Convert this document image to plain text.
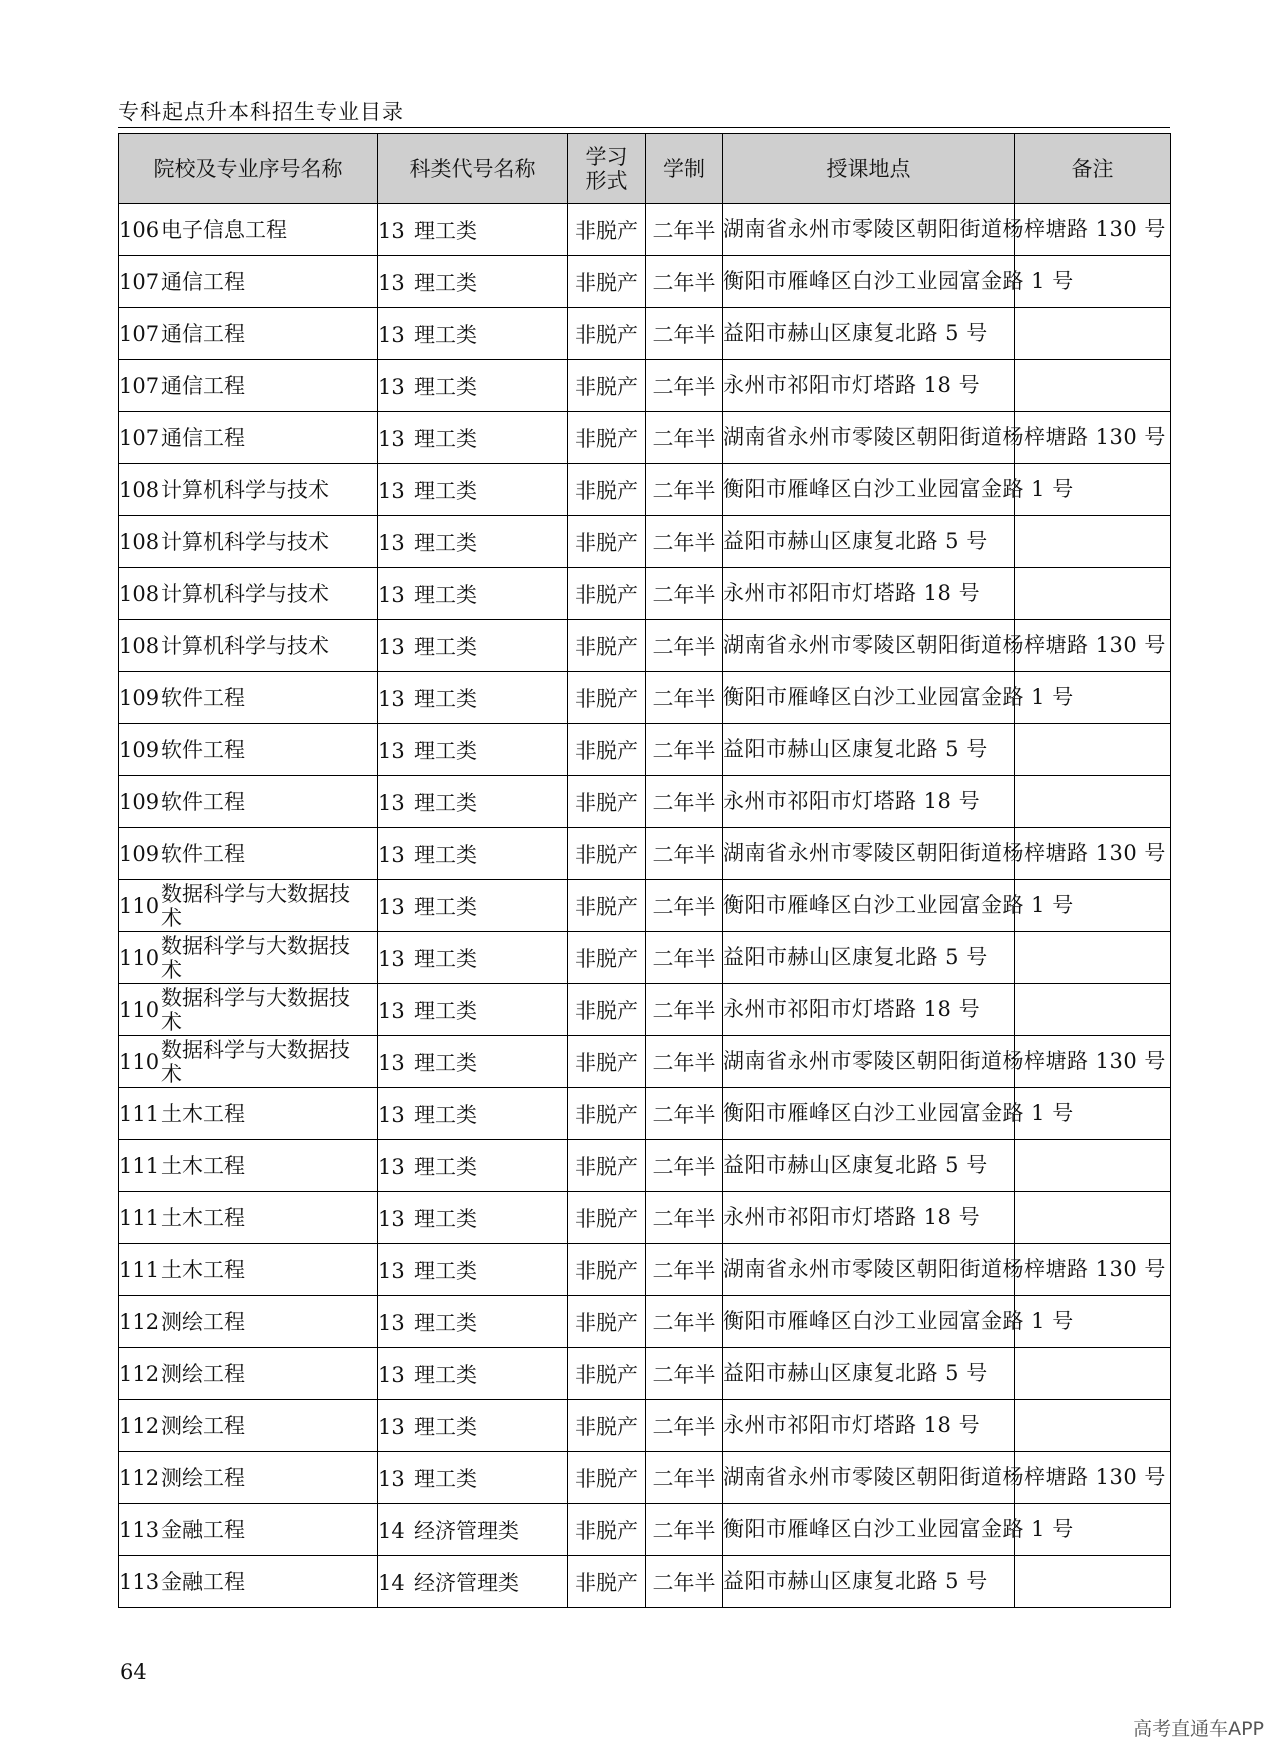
专科起点升本科招生专业目录
院校及专业序号名称	科类代号名称	学习
形式	学制	授课地点	备注

106 电子信息工程	13 理工类	非脱产	二年半	湖南省永州市零陵区朝阳街道杨梓塘路 130 号	

107 通信工程	13 理工类	非脱产	二年半	衡阳市雁峰区白沙工业园富金路 1 号	

107 通信工程	13 理工类	非脱产	二年半	益阳市赫山区康复北路 5 号	

107 通信工程	13 理工类	非脱产	二年半	永州市祁阳市灯塔路 18 号	

107 通信工程	13 理工类	非脱产	二年半	湖南省永州市零陵区朝阳街道杨梓塘路 130 号	

108 计算机科学与技术	13 理工类	非脱产	二年半	衡阳市雁峰区白沙工业园富金路 1 号	

108 计算机科学与技术	13 理工类	非脱产	二年半	益阳市赫山区康复北路 5 号	

108 计算机科学与技术	13 理工类	非脱产	二年半	永州市祁阳市灯塔路 18 号	

108 计算机科学与技术	13 理工类	非脱产	二年半	湖南省永州市零陵区朝阳街道杨梓塘路 130 号	

109 软件工程	13 理工类	非脱产	二年半	衡阳市雁峰区白沙工业园富金路 1 号	

109 软件工程	13 理工类	非脱产	二年半	益阳市赫山区康复北路 5 号	

109 软件工程	13 理工类	非脱产	二年半	永州市祁阳市灯塔路 18 号	

109 软件工程	13 理工类	非脱产	二年半	湖南省永州市零陵区朝阳街道杨梓塘路 130 号	

110 数据科学与大数据技术	13 理工类	非脱产	二年半	衡阳市雁峰区白沙工业园富金路 1 号	

110 数据科学与大数据技术	13 理工类	非脱产	二年半	益阳市赫山区康复北路 5 号	

110 数据科学与大数据技术	13 理工类	非脱产	二年半	永州市祁阳市灯塔路 18 号	

110 数据科学与大数据技术	13 理工类	非脱产	二年半	湖南省永州市零陵区朝阳街道杨梓塘路 130 号	

111 土木工程	13 理工类	非脱产	二年半	衡阳市雁峰区白沙工业园富金路 1 号	

111 土木工程	13 理工类	非脱产	二年半	益阳市赫山区康复北路 5 号	

111 土木工程	13 理工类	非脱产	二年半	永州市祁阳市灯塔路 18 号	

111 土木工程	13 理工类	非脱产	二年半	湖南省永州市零陵区朝阳街道杨梓塘路 130 号	

112 测绘工程	13 理工类	非脱产	二年半	衡阳市雁峰区白沙工业园富金路 1 号	

112 测绘工程	13 理工类	非脱产	二年半	益阳市赫山区康复北路 5 号	

112 测绘工程	13 理工类	非脱产	二年半	永州市祁阳市灯塔路 18 号	

112 测绘工程	13 理工类	非脱产	二年半	湖南省永州市零陵区朝阳街道杨梓塘路 130 号	

113 金融工程	14 经济管理类	非脱产	二年半	衡阳市雁峰区白沙工业园富金路 1 号	

113 金融工程	14 经济管理类	非脱产	二年半	益阳市赫山区康复北路 5 号	
64
高考直通车APP
